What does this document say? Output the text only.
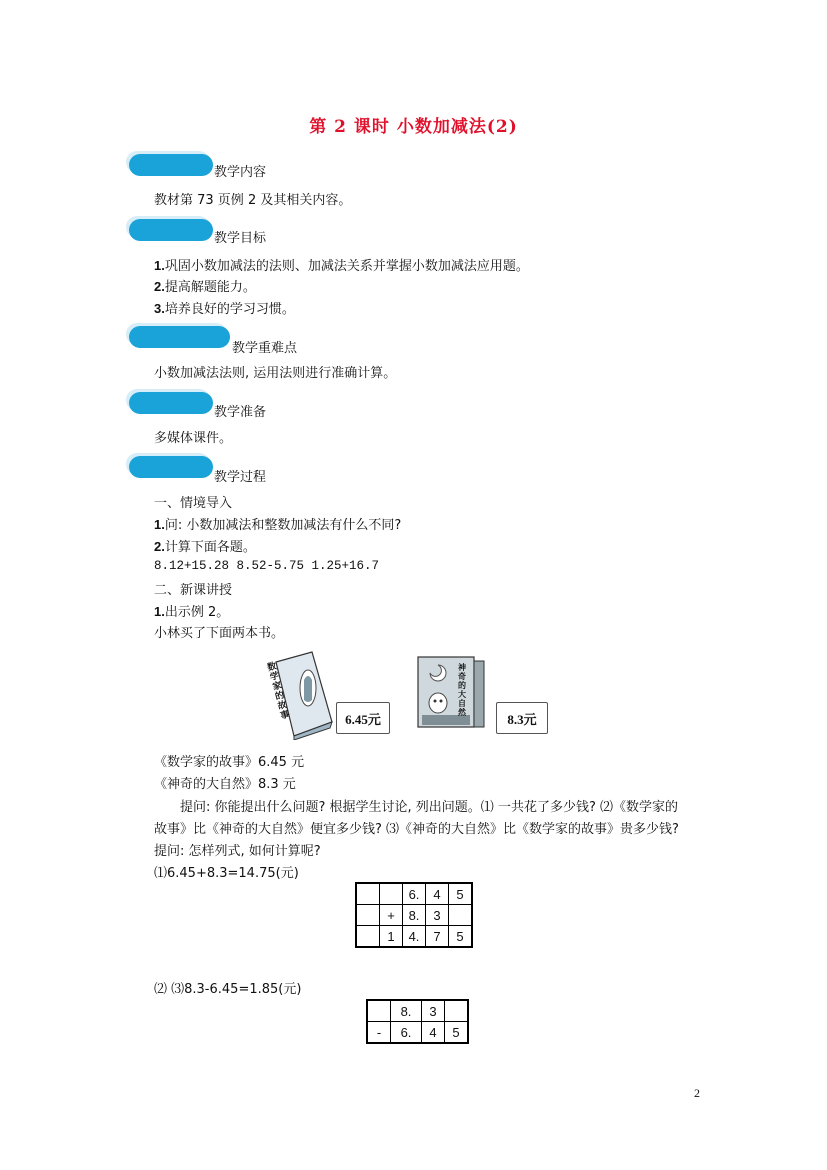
第 2 课时 小数加减法(2)
教学内容
教材第 73 页例 2 及其相关内容。
教学目标
1.巩固小数加减法的法则、加减法关系并掌握小数加减法应用题。
2.提高解题能力。
3.培养良好的学习习惯。
教学重难点
小数加减法法则, 运用法则进行准确计算。
教学准备
多媒体课件。
教学过程
一、情境导入
1.问: 小数加减法和整数加减法有什么不同?
2.计算下面各题。
8.12+15.28 8.52-5.75 1.25+16.7
二、新课讲授
1.出示例 2。
小林买了下面两本书。
数学家的故事	6.45元
神奇的大自然	8.3元
《数学家的故事》6.45 元
《神奇的大自然》8.3 元
提问: 你能提出什么问题? 根据学生讨论, 列出问题。⑴ 一共花了多少钱? ⑵《数学家的
故事》比《神奇的大自然》便宜多少钱? ⑶《神奇的大自然》比《数学家的故事》贵多少钱?
提问: 怎样列式, 如何计算呢?
⑴6.45+8.3=14.75(元)
		6.	4	5
	+	8.	3	
	1	4.	7	5
⑵ ⑶8.3-6.45=1.85(元)
	8.	3	
-	6.	4	5
2
